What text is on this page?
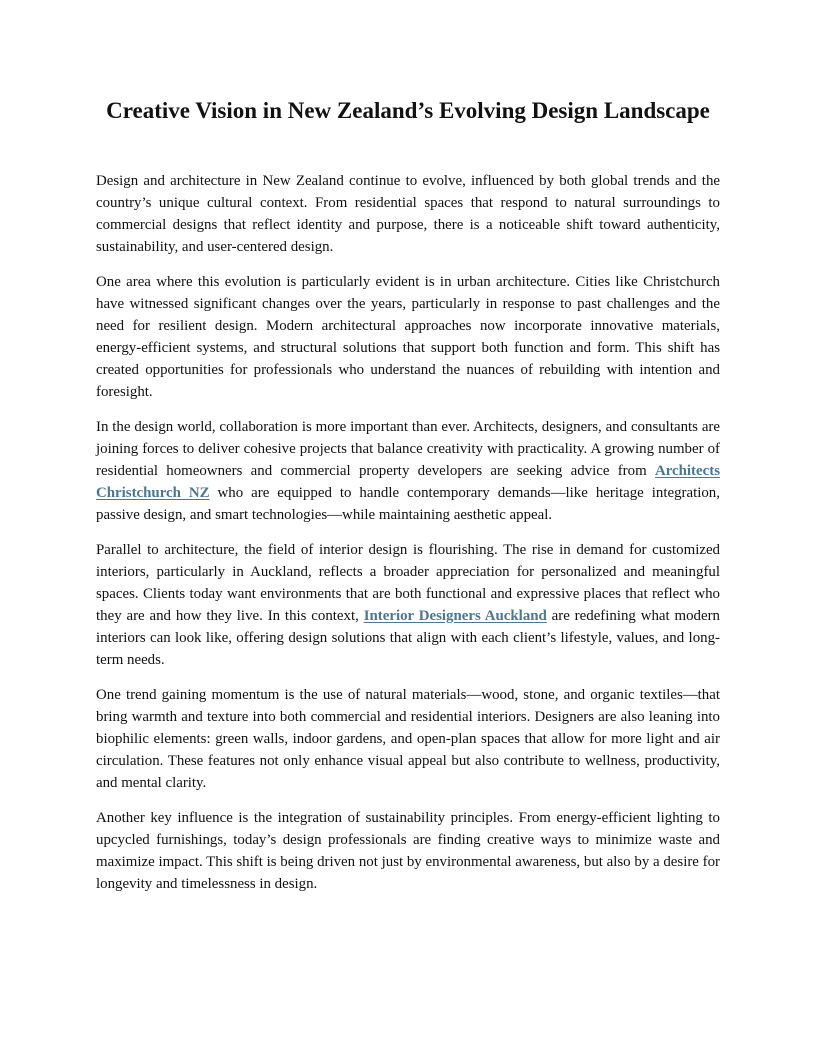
Creative Vision in New Zealand’s Evolving Design Landscape

Design and architecture in New Zealand continue to evolve, influenced by both global trends and the country’s unique cultural context. From residential spaces that respond to natural surroundings to commercial designs that reflect identity and purpose, there is a noticeable shift toward authenticity, sustainability, and user-centered design.

One area where this evolution is particularly evident is in urban architecture. Cities like Christchurch have witnessed significant changes over the years, particularly in response to past challenges and the need for resilient design. Modern architectural approaches now incorporate innovative materials, energy-efficient systems, and structural solutions that support both function and form. This shift has created opportunities for professionals who understand the nuances of rebuilding with intention and foresight.

In the design world, collaboration is more important than ever. Architects, designers, and consultants are joining forces to deliver cohesive projects that balance creativity with practicality. A growing number of residential homeowners and commercial property developers are seeking advice from Architects Christchurch NZ who are equipped to handle contemporary demands—like heritage integration, passive design, and smart technologies—while maintaining aesthetic appeal.

Parallel to architecture, the field of interior design is flourishing. The rise in demand for customized interiors, particularly in Auckland, reflects a broader appreciation for personalized and meaningful spaces. Clients today want environments that are both functional and expressive places that reflect who they are and how they live. In this context, Interior Designers Auckland are redefining what modern interiors can look like, offering design solutions that align with each client’s lifestyle, values, and long-term needs.

One trend gaining momentum is the use of natural materials—wood, stone, and organic textiles—that bring warmth and texture into both commercial and residential interiors. Designers are also leaning into biophilic elements: green walls, indoor gardens, and open-plan spaces that allow for more light and air circulation. These features not only enhance visual appeal but also contribute to wellness, productivity, and mental clarity.

Another key influence is the integration of sustainability principles. From energy-efficient lighting to upcycled furnishings, today’s design professionals are finding creative ways to minimize waste and maximize impact. This shift is being driven not just by environmental awareness, but also by a desire for longevity and timelessness in design.
